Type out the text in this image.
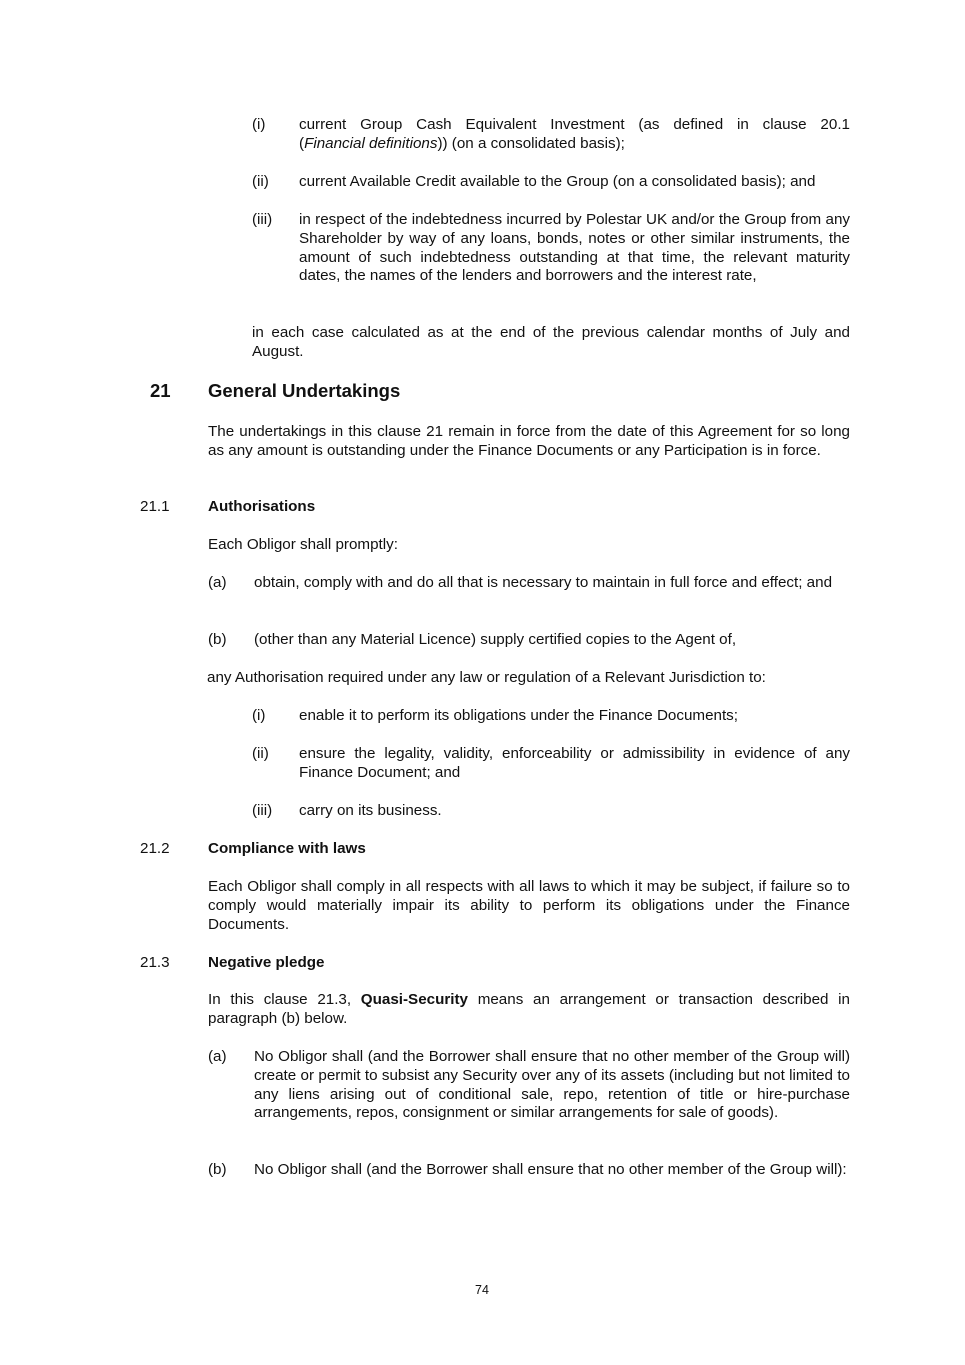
(i) current Group Cash Equivalent Investment (as defined in clause 20.1
(Financial definitions)) (on a consolidated basis);
(ii) current Available Credit available to the Group (on a consolidated basis); and
(iii) in respect of the indebtedness incurred by Polestar UK and/or the Group from any Shareholder by way of any loans, bonds, notes or other similar instruments, the amount of such indebtedness outstanding at that time, the relevant maturity dates, the names of the lenders and borrowers and the interest rate,
in each case calculated as at the end of the previous calendar months of July and August.
21 General Undertakings
The undertakings in this clause 21 remain in force from the date of this Agreement for so long as any amount is outstanding under the Finance Documents or any Participation is in force.
21.1	Authorisations
Each Obligor shall promptly:
(a) obtain, comply with and do all that is necessary to maintain in full force and effect; and
(b) (other than any Material Licence) supply certified copies to the Agent of,
any Authorisation required under any law or regulation of a Relevant Jurisdiction to:
(i) enable it to perform its obligations under the Finance Documents;
(ii) ensure the legality, validity, enforceability or admissibility in evidence of any Finance Document; and
(iii) carry on its business.
21.2	Compliance with laws
Each Obligor shall comply in all respects with all laws to which it may be subject, if failure so to comply would materially impair its ability to perform its obligations under the Finance Documents.
21.3	Negative pledge
In this clause 21.3, Quasi-Security means an arrangement or transaction described in paragraph (b) below.
(a) No Obligor shall (and the Borrower shall ensure that no other member of the Group will) create or permit to subsist any Security over any of its assets (including but not limited to any liens arising out of conditional sale, repo, retention of title or hire-purchase arrangements, repos, consignment or similar arrangements for sale of goods).
(b) No Obligor shall (and the Borrower shall ensure that no other member of the Group will):
74
